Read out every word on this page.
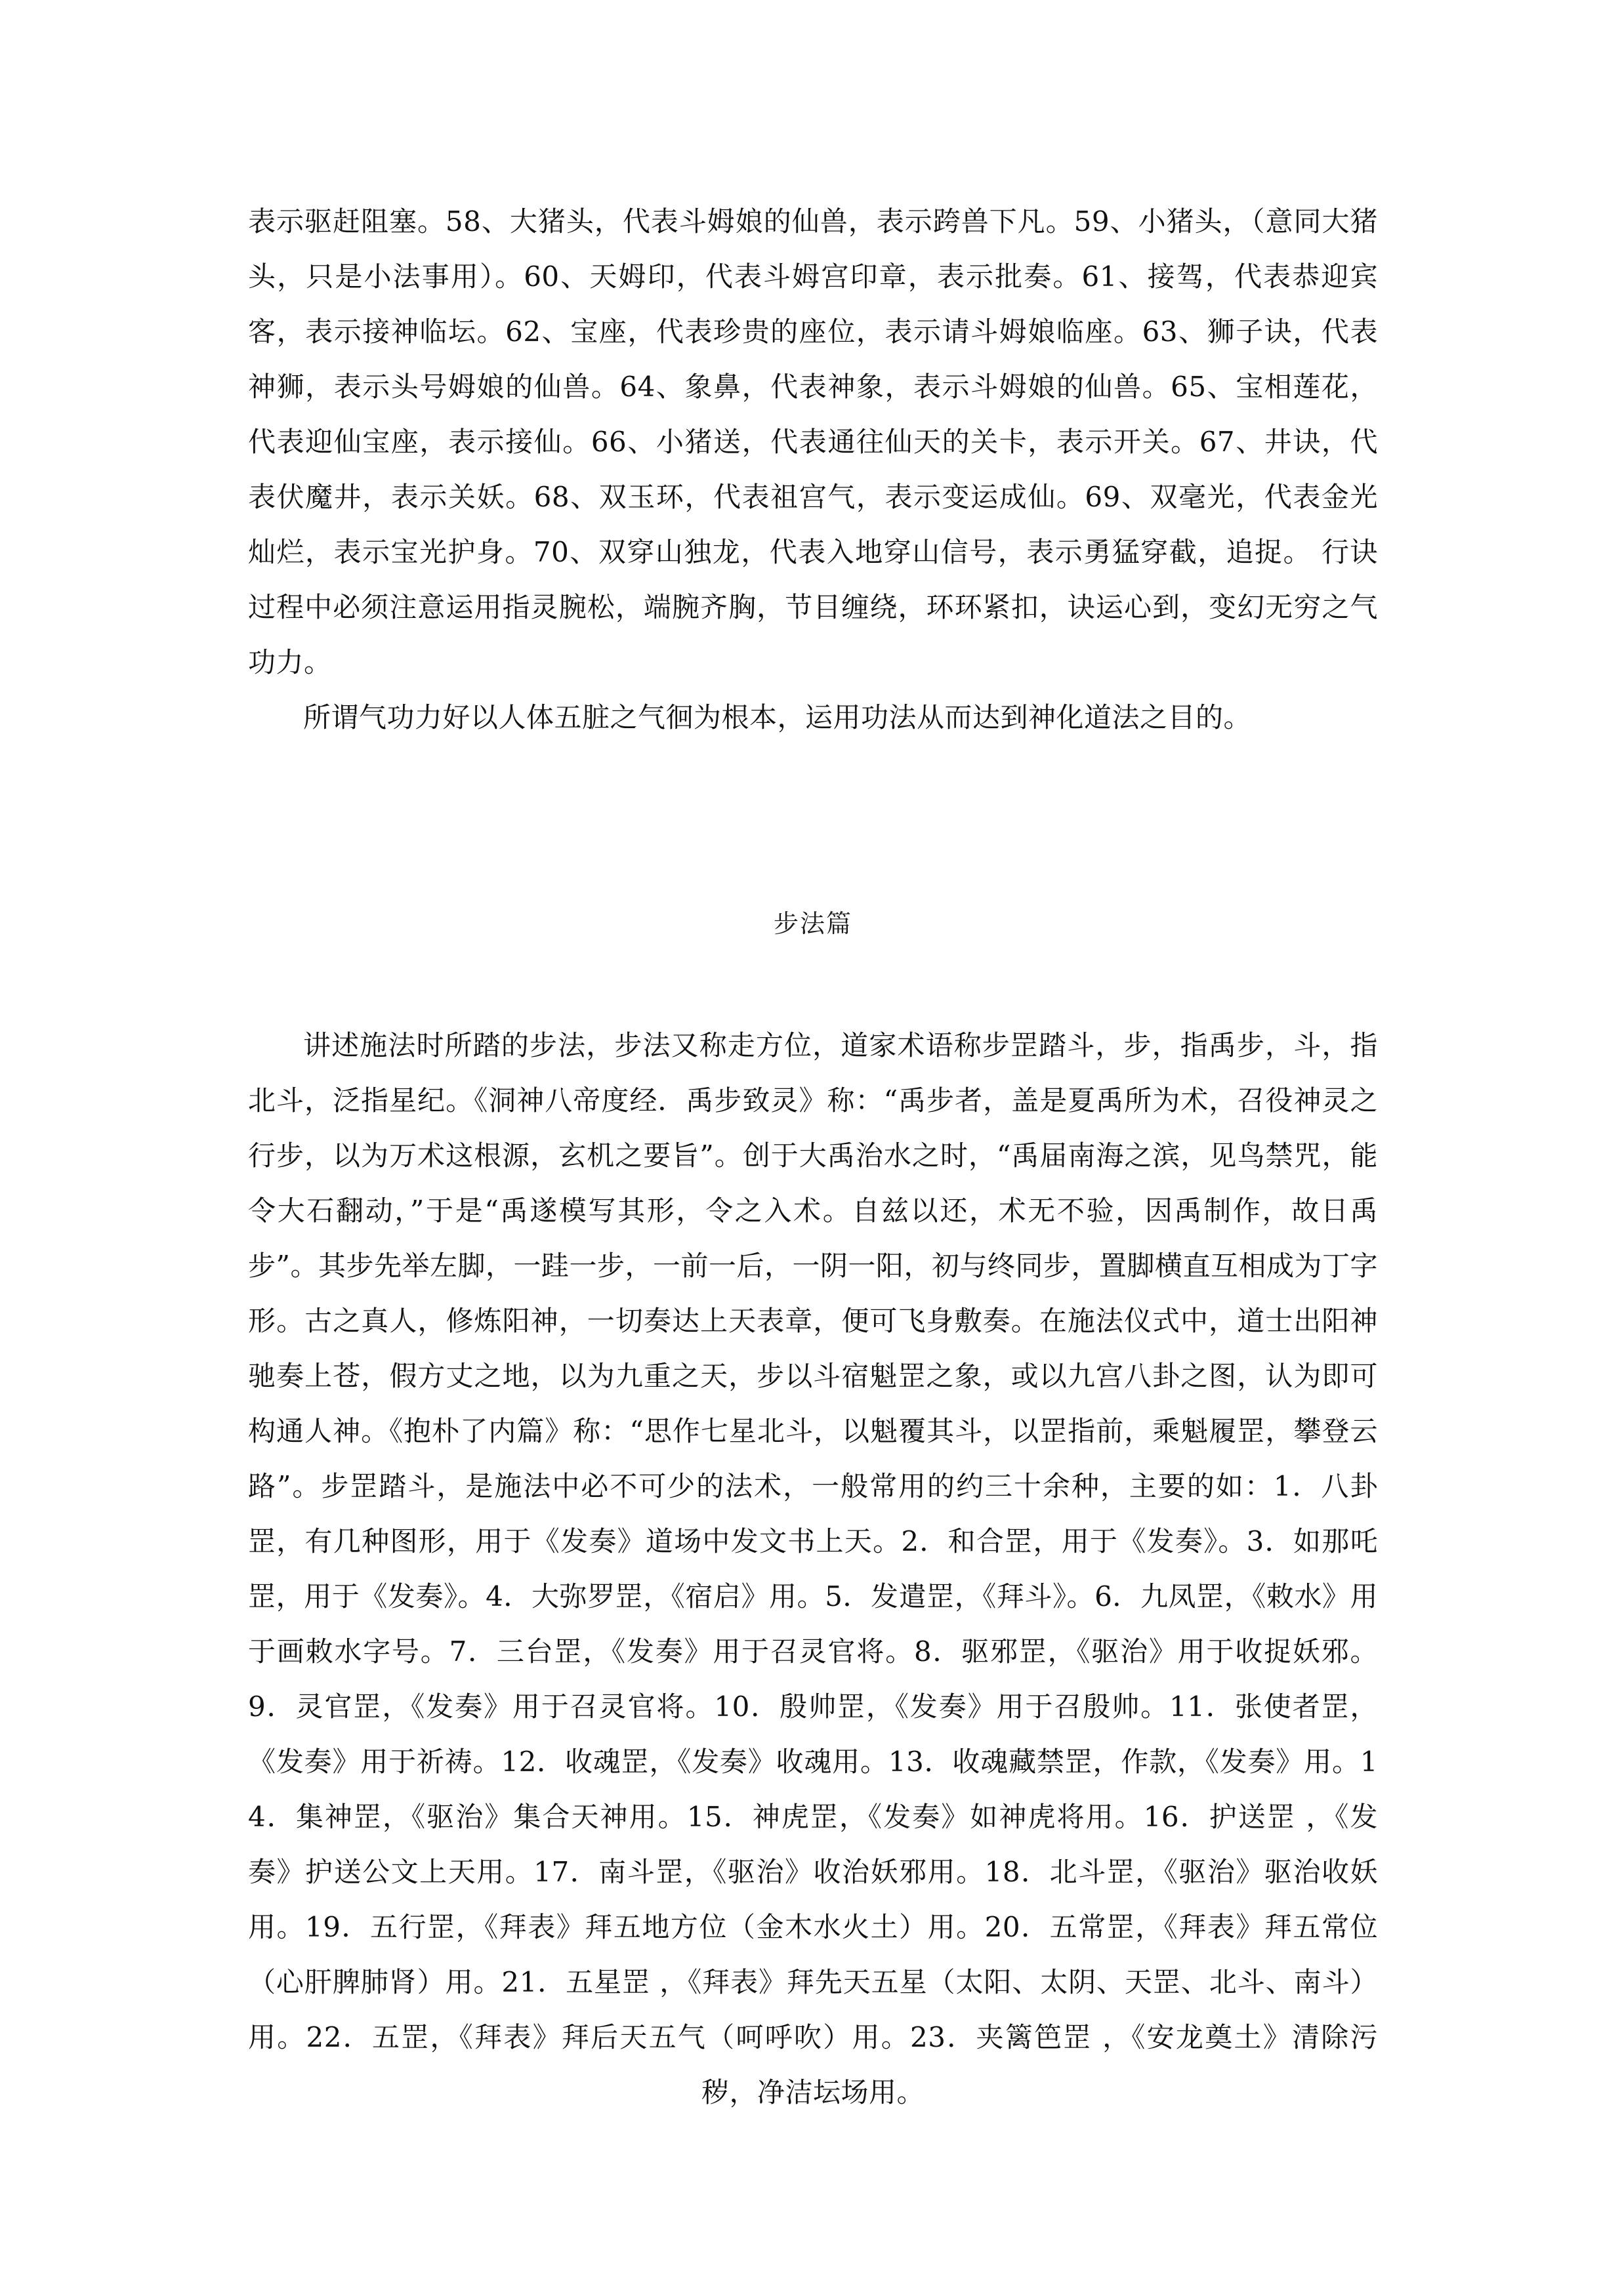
表示驱赶阻塞。58、大猪头，代表斗姆娘的仙兽，表示跨兽下凡。59、小猪头，（意同大猪头，只是小法事用）。60、天姆印，代表斗姆宫印章，表示批奏。61、接驾，代表恭迎宾客，表示接神临坛。62、宝座，代表珍贵的座位，表示请斗姆娘临座。63、狮子诀，代表神狮，表示头号姆娘的仙兽。64、象鼻，代表神象，表示斗姆娘的仙兽。65、宝相莲花，代表迎仙宝座，表示接仙。66、小猪送，代表通往仙天的关卡，表示开关。67、井诀，代表伏魔井，表示关妖。68、双玉环，代表祖宫气，表示变运成仙。69、双毫光，代表金光灿烂，表示宝光护身。70、双穿山独龙，代表入地穿山信号，表示勇猛穿截，追捉。 行诀过程中必须注意运用指灵腕松，端腕齐胸，节目缠绕，环环紧扣，诀运心到，变幻无穷之气功力。

所谓气功力好以人体五脏之气徊为根本，运用功法从而达到神化道法之目的。

步法篇

讲述施法时所踏的步法，步法又称走方位，道家术语称步罡踏斗，步，指禹步，斗，指北斗，泛指星纪。《洞神八帝度经．禹步致灵》称：“禹步者，盖是夏禹所为术，召役神灵之行步，以为万术这根源，玄机之要旨”。创于大禹治水之时，“禹届南海之滨，见鸟禁咒，能令大石翻动，”于是“禹遂模写其形，令之入术。自兹以还，术无不验，因禹制作，故日禹步”。其步先举左脚，一跬一步，一前一后，一阴一阳，初与终同步，置脚横直互相成为丁字形。古之真人，修炼阳神，一切奏达上天表章，便可飞身敷奏。在施法仪式中，道士出阳神驰奏上苍，假方丈之地，以为九重之天，步以斗宿魁罡之象，或以九宫八卦之图，认为即可构通人神。《抱朴了内篇》称：“思作七星北斗，以魁覆其斗，以罡指前，乘魁履罡，攀登云路”。步罡踏斗，是施法中必不可少的法术，一般常用的约三十余种，主要的如：1．八卦罡，有几种图形，用于《发奏》道场中发文书上天。2．和合罡，用于《发奏》。3．如那吒罡，用于《发奏》。4．大弥罗罡，《宿启》用。5．发遣罡，《拜斗》。6．九凤罡，《敕水》用于画敕水字号。7．三台罡，《发奏》用于召灵官将。8．驱邪罡，《驱治》用于收捉妖邪。9．灵官罡，《发奏》用于召灵官将。10．殷帅罡，《发奏》用于召殷帅。11．张使者罡，《发奏》用于祈祷。12．收魂罡，《发奏》收魂用。13．收魂藏禁罡，作款，《发奏》用。14．集神罡，《驱治》集合天神用。15．神虎罡，《发奏》如神虎将用。16．护送罡 ，《发奏》护送公文上天用。17．南斗罡，《驱治》收治妖邪用。18．北斗罡，《驱治》驱治收妖用。19．五行罡，《拜表》拜五地方位（金木水火土）用。20．五常罡，《拜表》拜五常位（心肝脾肺肾）用。21．五星罡 ，《拜表》拜先天五星（太阳、太阴、天罡、北斗、南斗）用。22．五罡，《拜表》拜后天五气（呵呼吹）用。23．夹篱笆罡 ，《安龙奠土》清除污秽，净洁坛场用。
